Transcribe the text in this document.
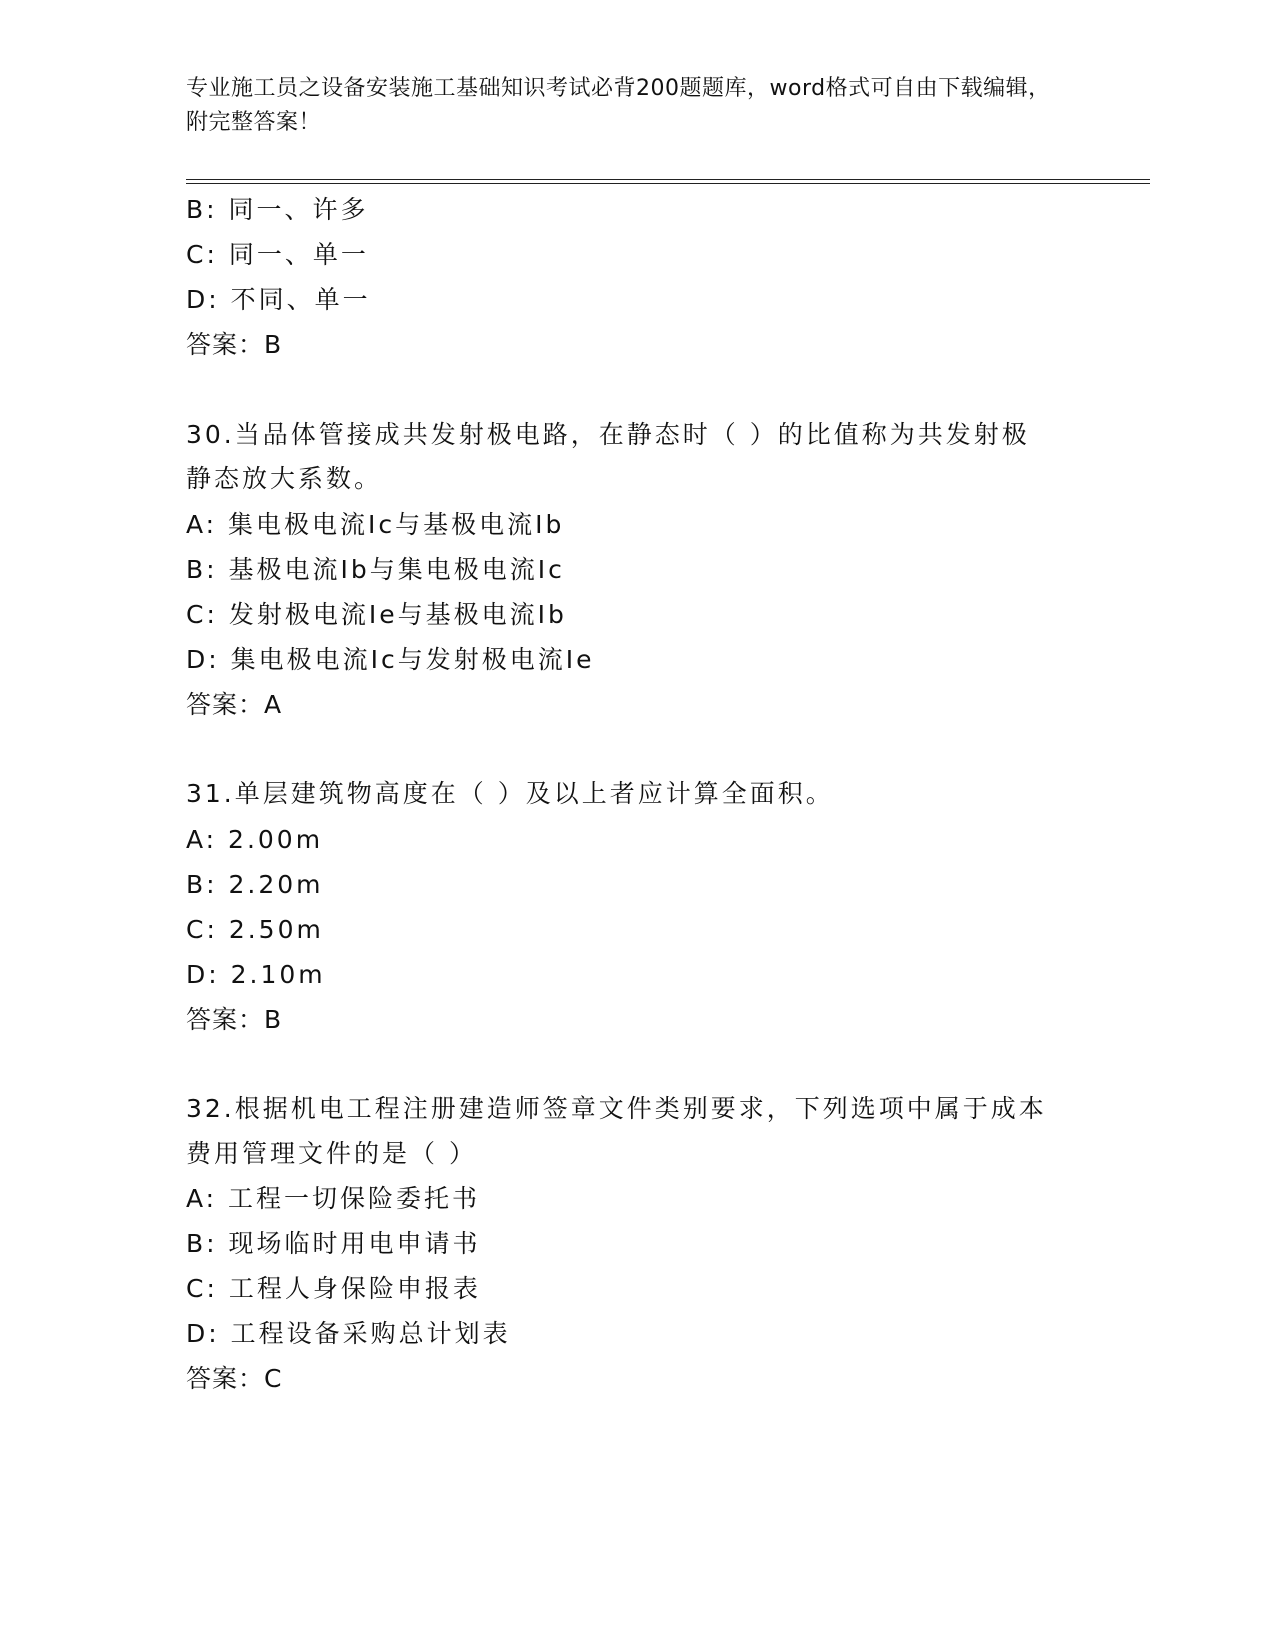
专业施工员之设备安装施工基础知识考试必背200题题库，word格式可自由下载编辑，附完整答案！
B: 同一、许多
C: 同一、单一
D: 不同、单一
答案：B
30.当品体管接成共发射极电路，在静态时（ ）的比值称为共发射极
静态放大系数。
A: 集电极电流Ic与基极电流Ib
B: 基极电流Ib与集电极电流Ic
C: 发射极电流Ie与基极电流Ib
D: 集电极电流Ic与发射极电流Ie
答案：A
31.单层建筑物高度在（ ）及以上者应计算全面积。
A: 2.00m
B: 2.20m
C: 2.50m
D: 2.10m
答案：B
32.根据机电工程注册建造师签章文件类别要求，下列选项中属于成本
费用管理文件的是（ ）
A: 工程一切保险委托书
B: 现场临时用电申请书
C: 工程人身保险申报表
D: 工程设备采购总计划表
答案：C
